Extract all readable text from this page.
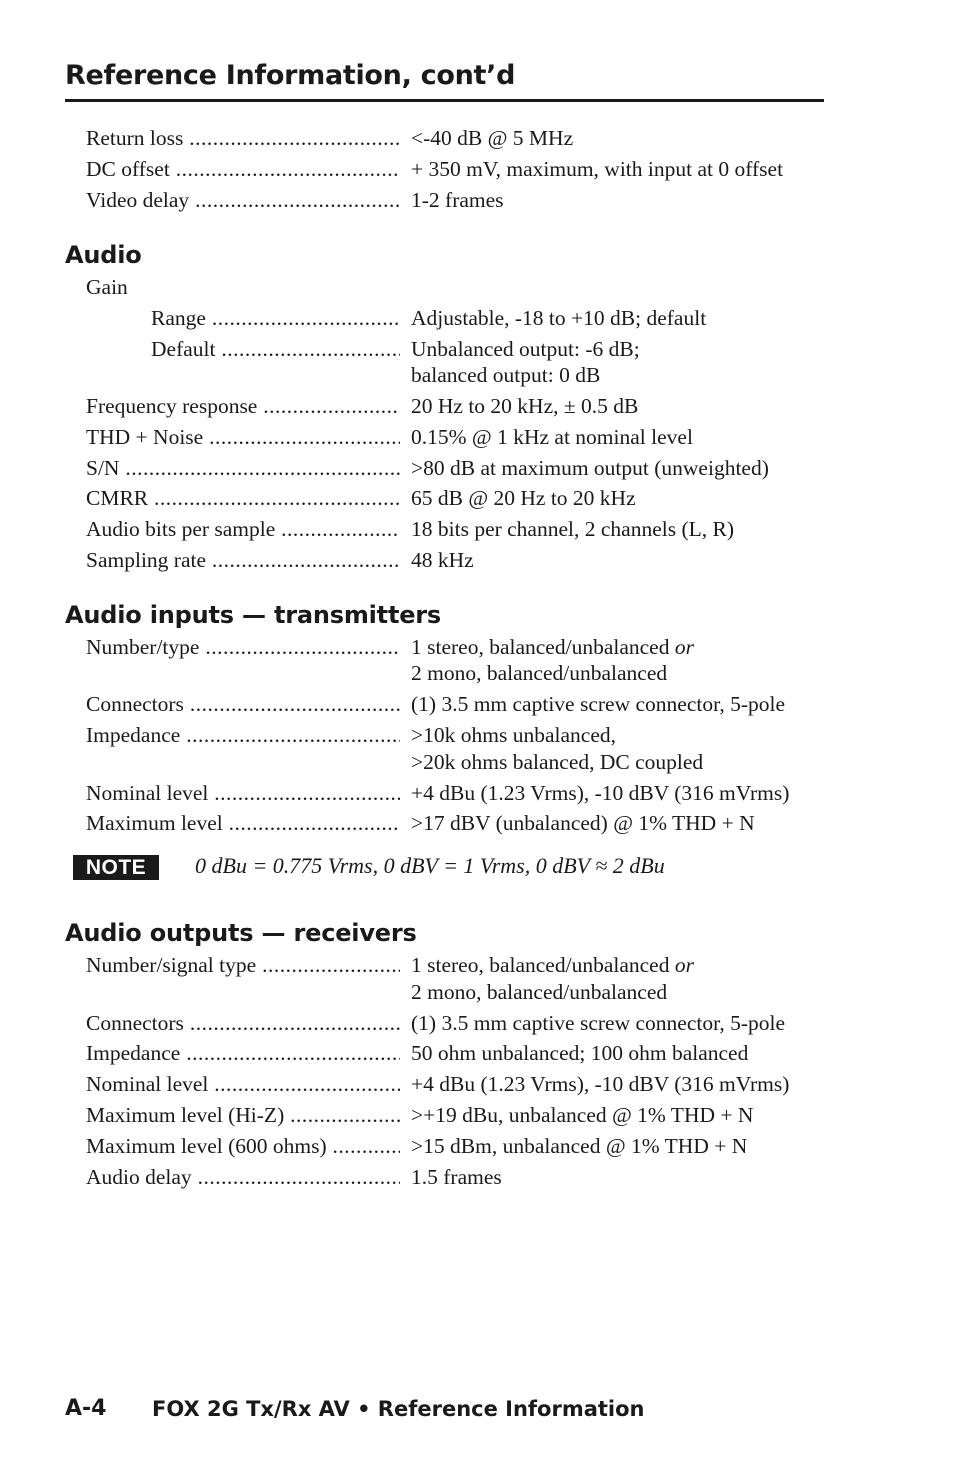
Reference Information, cont’d
Return loss .....	<-40 dB @ 5 MHz
DC offset .....	+ 350 mV, maximum, with input at 0 offset
Video delay .....	1-2 frames
Audio
Gain
Range .....	Adjustable, -18 to +10 dB; default
Default .....	Unbalanced output: -6 dB;
balanced output: 0 dB
Frequency response .....	20 Hz to 20 kHz, ± 0.5 dB
THD + Noise .....	0.15% @ 1 kHz at nominal level
S/N .....	>80 dB at maximum output (unweighted)
CMRR .....	65 dB @ 20 Hz to 20 kHz
Audio bits per sample .....	18 bits per channel, 2 channels (L, R)
Sampling rate .....	48 kHz
Audio inputs — transmitters
Number/type .....	1 stereo, balanced/unbalanced or
2 mono, balanced/unbalanced
Connectors .....	(1) 3.5 mm captive screw connector, 5-pole
Impedance .....	>10k ohms unbalanced,
>20k ohms balanced, DC coupled
Nominal level .....	+4 dBu (1.23 Vrms), -10 dBV (316 mVrms)
Maximum level .....	>17 dBV (unbalanced) @ 1% THD + N
NOTE	0 dBu = 0.775 Vrms, 0 dBV = 1 Vrms, 0 dBV ≈ 2 dBu
Audio outputs — receivers
Number/signal type .....	1 stereo, balanced/unbalanced or
2 mono, balanced/unbalanced
Connectors .....	(1) 3.5 mm captive screw connector, 5-pole
Impedance .....	50 ohm unbalanced; 100 ohm balanced
Nominal level .....	+4 dBu (1.23 Vrms), -10 dBV (316 mVrms)
Maximum level (Hi-Z) .....	>+19 dBu, unbalanced @ 1% THD + N
Maximum level (600 ohms) .....	>15 dBm, unbalanced @ 1% THD + N
Audio delay .....	1.5 frames
A-4 FOX 2G Tx/Rx AV • Reference Information
